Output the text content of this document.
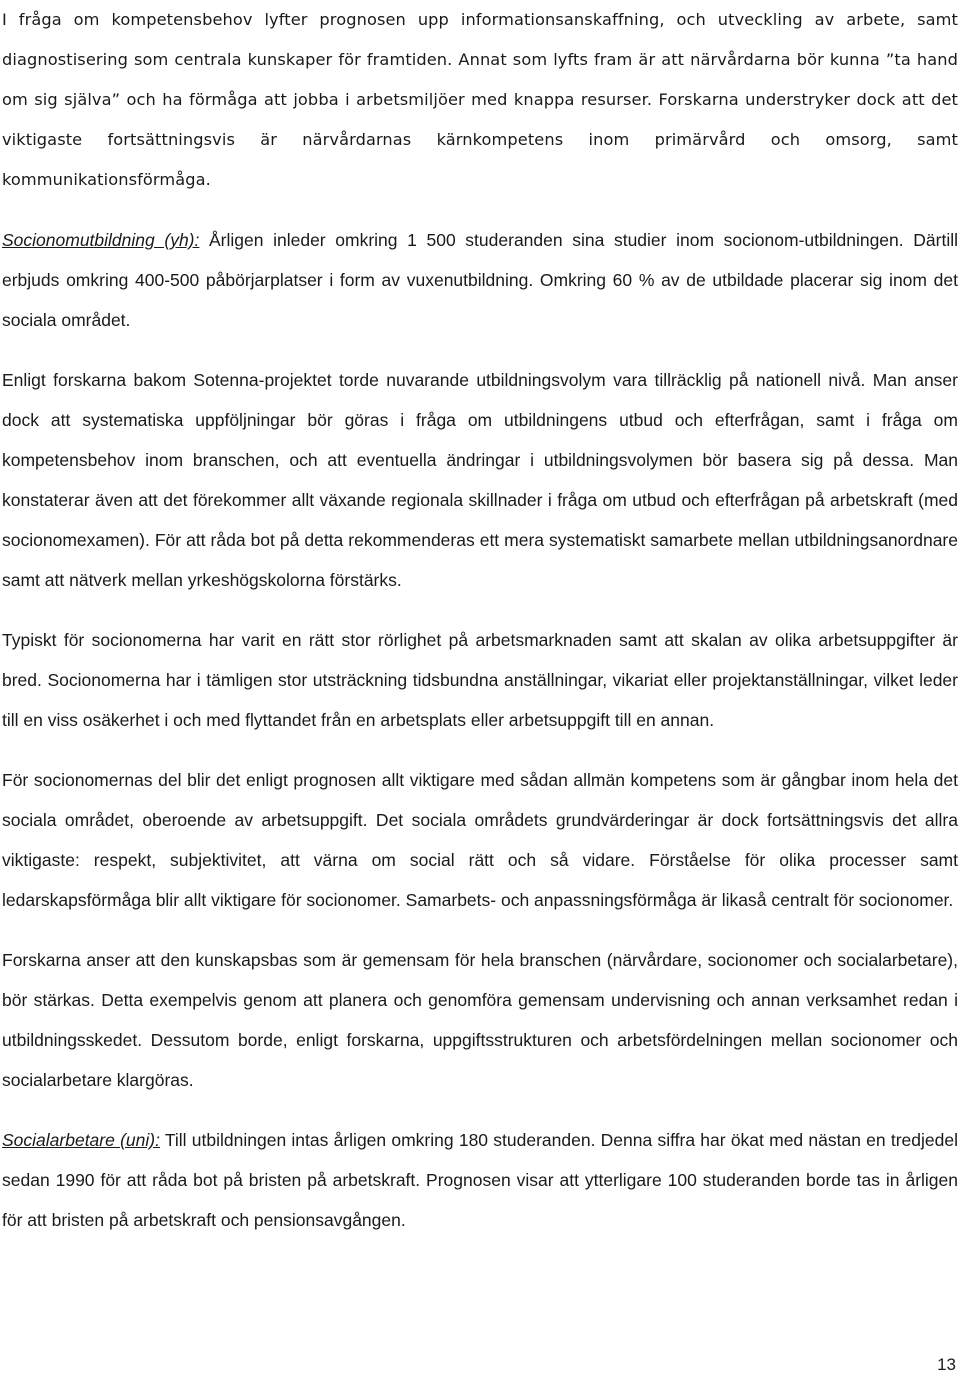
I fråga om kompetensbehov lyfter prognosen upp informationsanskaffning, och utveckling av arbete, samt diagnostisering som centrala kunskaper för framtiden. Annat som lyfts fram är att närvårdarna bör kunna ”ta hand om sig själva” och ha förmåga att jobba i arbetsmiljöer med knappa resurser. Forskarna understryker dock att det viktigaste fortsättningsvis är närvårdarnas kärnkompetens inom primärvård och omsorg, samt kommunikationsförmåga.

Socionomutbildning (yh): Årligen inleder omkring 1 500 studeranden sina studier inom socionom-utbildningen. Därtill erbjuds omkring 400-500 påbörjarplatser i form av vuxenutbildning. Omkring 60 % av de utbildade placerar sig inom det sociala området.

Enligt forskarna bakom Sotenna-projektet torde nuvarande utbildningsvolym vara tillräcklig på nationell nivå. Man anser dock att systematiska uppföljningar bör göras i fråga om utbildningens utbud och efterfrågan, samt i fråga om kompetensbehov inom branschen, och att eventuella ändringar i utbildningsvolymen bör basera sig på dessa. Man konstaterar även att det förekommer allt växande regionala skillnader i fråga om utbud och efterfrågan på arbetskraft (med socionomexamen). För att råda bot på detta rekommenderas ett mera systematiskt samarbete mellan utbildningsanordnare samt att nätverk mellan yrkeshögskolorna förstärks.

Typiskt för socionomerna har varit en rätt stor rörlighet på arbetsmarknaden samt att skalan av olika arbetsuppgifter är bred. Socionomerna har i tämligen stor utsträckning tidsbundna anställningar, vikariat eller projektanställningar, vilket leder till en viss osäkerhet i och med flyttandet från en arbetsplats eller arbetsuppgift till en annan.

För socionomernas del blir det enligt prognosen allt viktigare med sådan allmän kompetens som är gångbar inom hela det sociala området, oberoende av arbetsuppgift. Det sociala områdets grundvärderingar är dock fortsättningsvis det allra viktigaste: respekt, subjektivitet, att värna om social rätt och så vidare. Förståelse för olika processer samt ledarskapsförmåga blir allt viktigare för socionomer. Samarbets- och anpassningsförmåga är likaså centralt för socionomer.

Forskarna anser att den kunskapsbas som är gemensam för hela branschen (närvårdare, socionomer och socialarbetare), bör stärkas. Detta exempelvis genom att planera och genomföra gemensam undervisning och annan verksamhet redan i utbildningsskedet. Dessutom borde, enligt forskarna, uppgiftsstrukturen och arbetsfördelningen mellan socionomer och socialarbetare klargöras.

Socialarbetare (uni): Till utbildningen intas årligen omkring 180 studeranden. Denna siffra har ökat med nästan en tredjedel sedan 1990 för att råda bot på bristen på arbetskraft. Prognosen visar att ytterligare 100 studeranden borde tas in årligen för att bristen på arbetskraft och pensionsavgången.

13
